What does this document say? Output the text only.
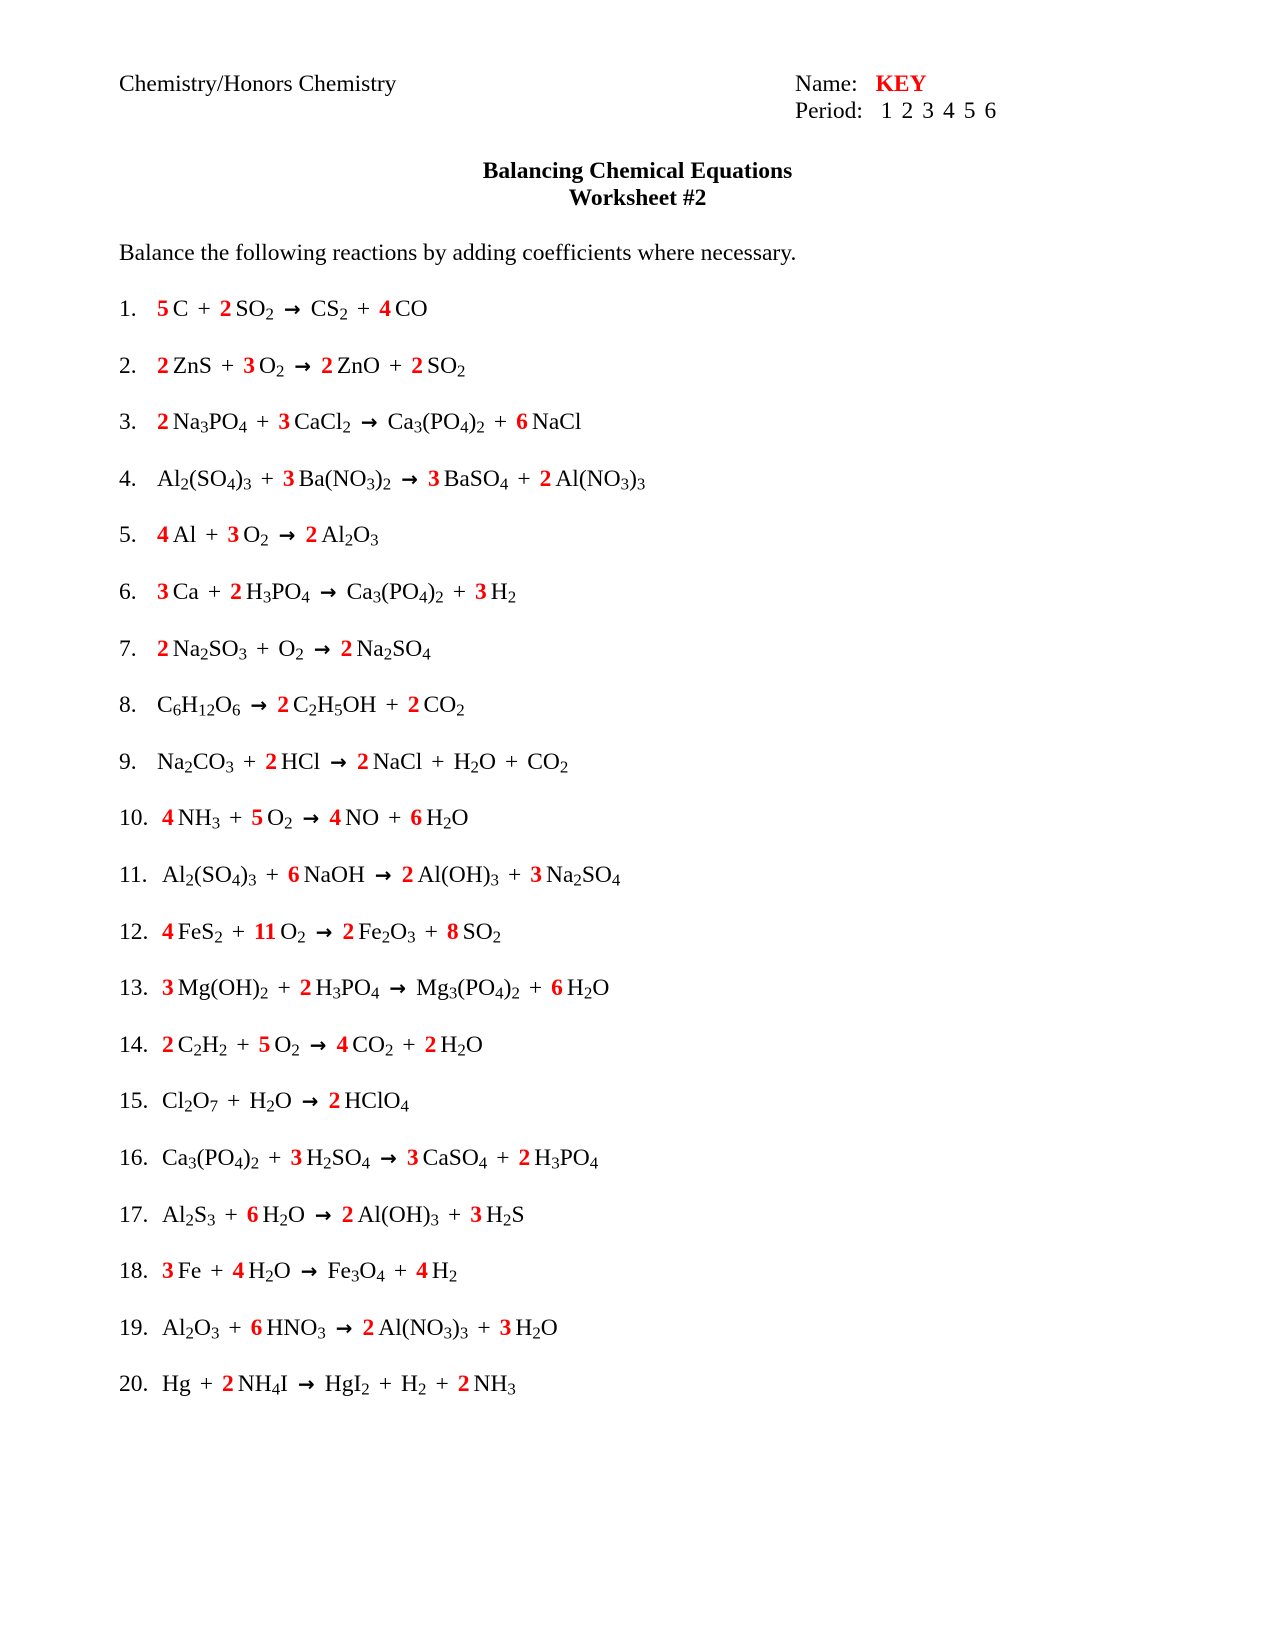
Chemistry/Honors Chemistry	Name: KEY
Period: 1 2 3 4 5 6
Balancing Chemical Equations
Worksheet #2
Balance the following reactions by adding coefficients where necessary.
1. 5 C + 2 $SO_2 \to CS_2 + 4$ CO
2. 2 ZnS + 3 $O_2 \to 2$ ZnO + 2 $SO_2$
3. 2 $Na_3PO_4 + 3$ CaCl$_2$ → $Ca_3(PO_4)_2 + 6$ NaCl
4. $Al_2(SO_4)_3 + 3$ $Ba(NO_3)_2 \to 3$ BaSO$_4$ + 2 $Al(NO_3)_3$
5. 4 Al + 3 $O_2 \to 2$ $Al_2O_3$
6. 3 Ca + 2 $H_3PO_4 \to Ca_3(PO_4)_2 + 3$ $H_2$
7. 2 $Na_2SO_3 + O_2 \to 2$ $Na_2SO_4$
8. $C_6H_{12}O_6 \to 2$ $C_2H_5OH + 2$ $CO_2$
9. $Na_2CO_3 + 2$ HCl → 2 NaCl + $H_2O + CO_2$
10. 4 $NH_3 + 5$ $O_2 \to 4$ NO + 6 $H_2O$
11. $Al_2(SO_4)_3 + 6$ NaOH → 2 $Al(OH)_3 + 3$ $Na_2SO_4$
12. 4 FeS$_2$ + 11 $O_2 \to 2$ $Fe_2O_3 + 8$ $SO_2$
13. 3 $Mg(OH)_2 + 2$ $H_3PO_4 \to Mg_3(PO_4)_2 + 6$ $H_2O$
14. 2 $C_2H_2 + 5$ $O_2 \to 4$ $CO_2 + 2$ $H_2O$
15. $Cl_2O_7 + H_2O \to 2$ HClO$_4$
16. $Ca_3(PO_4)_2 + 3$ $H_2SO_4 \to 3$ CaSO$_4$ + 2 $H_3PO_4$
17. $Al_2S_3 + 6$ $H_2O \to 2$ $Al(OH)_3 + 3$ $H_2S$
18. 3 Fe + 4 $H_2O \to Fe_3O_4 + 4$ $H_2$
19. $Al_2O_3 + 6$ $HNO_3 \to 2$ $Al(NO_3)_3 + 3$ $H_2O$
20. Hg + 2 $NH_4I \to HgI_2 + H_2 + 2$ $NH_3$
